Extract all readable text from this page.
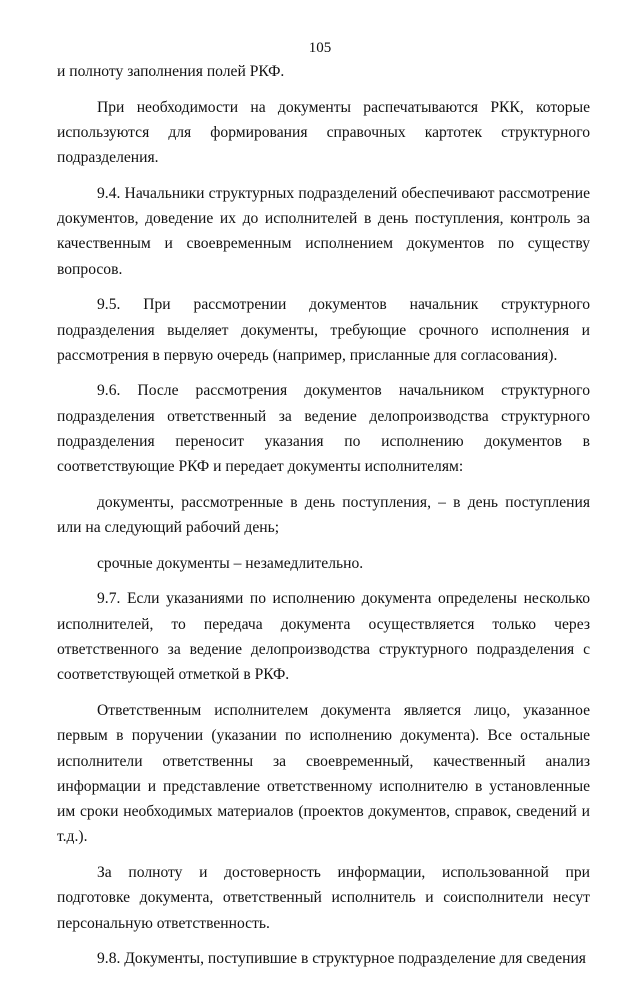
105

и полноту заполнения полей РКФ.

При необходимости на документы распечатываются РКК, которые используются для формирования справочных картотек структурного подразделения.

9.4. Начальники структурных подразделений обеспечивают рассмотрение документов, доведение их до исполнителей в день поступления, контроль за качественным и своевременным исполнением документов по существу вопросов.

9.5. При рассмотрении документов начальник структурного подразделения выделяет документы, требующие срочного исполнения и рассмотрения в первую очередь (например, присланные для согласования).

9.6. После рассмотрения документов начальником структурного подразделения ответственный за ведение делопроизводства структурного подразделения переносит указания по исполнению документов в соответствующие РКФ и передает документы исполнителям:

документы, рассмотренные в день поступления, – в день поступления или на следующий рабочий день;

срочные документы – незамедлительно.

9.7. Если указаниями по исполнению документа определены несколько исполнителей, то передача документа осуществляется только через ответственного за ведение делопроизводства структурного подразделения с соответствующей отметкой в РКФ.

Ответственным исполнителем документа является лицо, указанное первым в поручении (указании по исполнению документа). Все остальные исполнители ответственны за своевременный, качественный анализ информации и представление ответственному исполнителю в установленные им сроки необходимых материалов (проектов документов, справок, сведений и т.д.).

За полноту и достоверность информации, использованной при подготовке документа, ответственный исполнитель и соисполнители несут персональную ответственность.

9.8. Документы, поступившие в структурное подразделение для сведения
